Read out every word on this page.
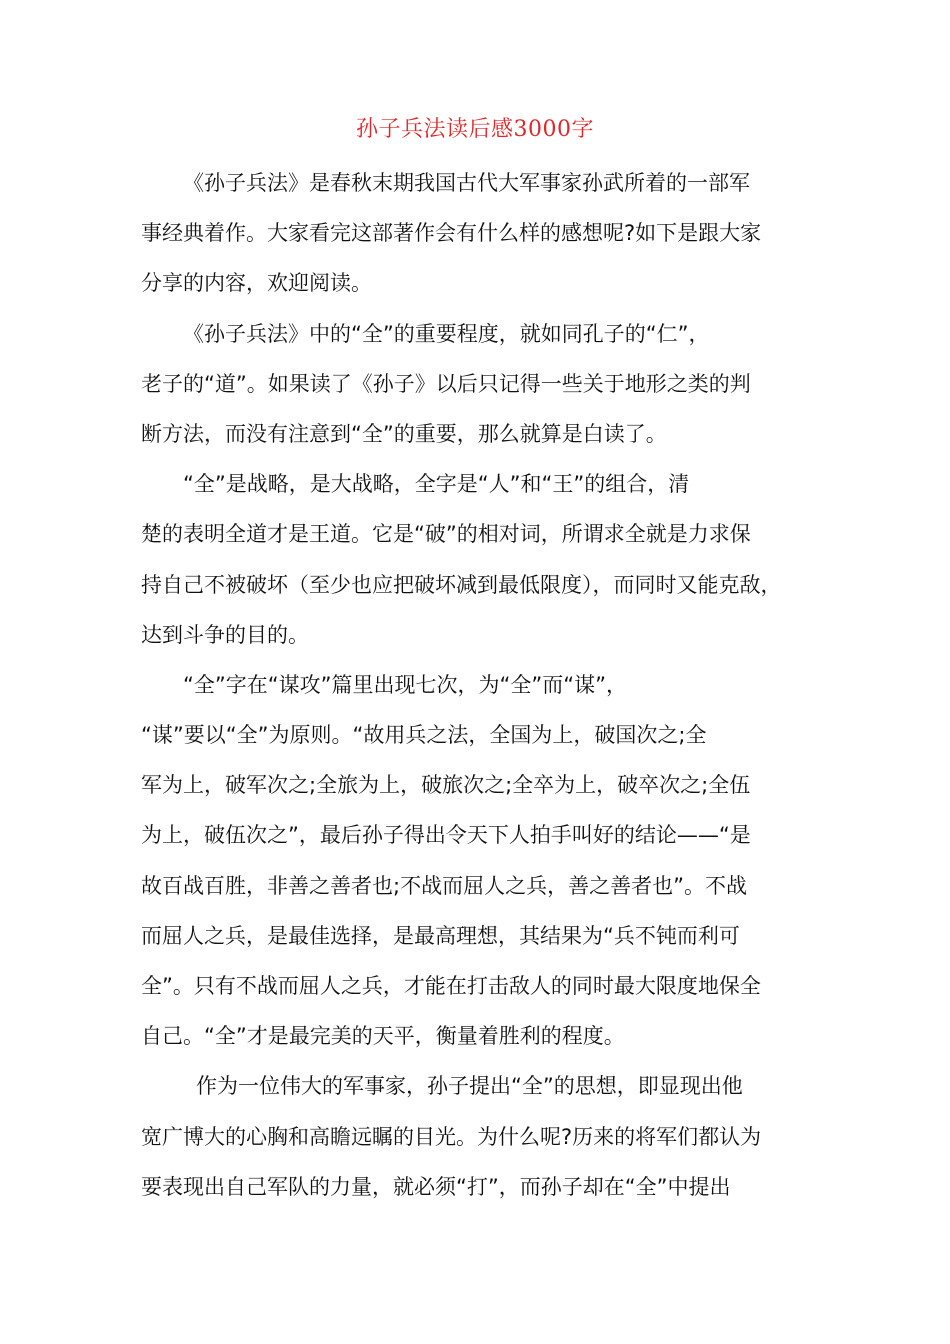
孙子兵法读后感3000字
《孙子兵法》是春秋末期我国古代大军事家孙武所着的一部军
事经典着作。大家看完这部著作会有什么样的感想呢?如下是跟大家
分享的内容，欢迎阅读。
《孙子兵法》中的“全”的重要程度，就如同孔子的“仁”，
老子的“道”。如果读了《孙子》以后只记得一些关于地形之类的判
断方法，而没有注意到“全”的重要，那么就算是白读了。
“全”是战略，是大战略，全字是“人”和“王”的组合，清
楚的表明全道才是王道。它是“破”的相对词，所谓求全就是力求保
持自己不被破坏（至少也应把破坏减到最低限度），而同时又能克敌，
达到斗争的目的。
“全”字在“谋攻”篇里出现七次，为“全”而“谋”，
“谋”要以“全”为原则。“故用兵之法，全国为上，破国次之;全
军为上，破军次之;全旅为上，破旅次之;全卒为上，破卒次之;全伍
为上，破伍次之”，最后孙子得出令天下人拍手叫好的结论——“是
故百战百胜，非善之善者也;不战而屈人之兵，善之善者也”。不战
而屈人之兵，是最佳选择，是最高理想，其结果为“兵不钝而利可
全”。只有不战而屈人之兵，才能在打击敌人的同时最大限度地保全
自己。“全”才是最完美的天平，衡量着胜利的程度。
作为一位伟大的军事家，孙子提出“全”的思想，即显现出他
宽广博大的心胸和高瞻远瞩的目光。为什么呢?历来的将军们都认为
要表现出自己军队的力量，就必须“打”，而孙子却在“全”中提出
